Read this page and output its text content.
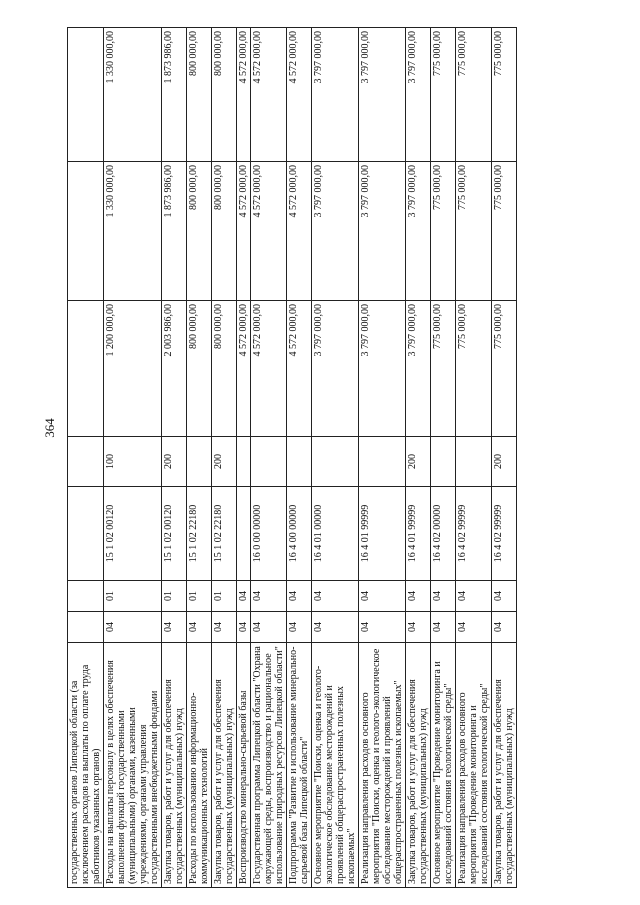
364
государственных органов Липецкой области (за исключением расходов на выплаты по оплате труда работников указанных органов)							
Расходы на выплаты персоналу в целях обеспечения выполнения функций государственными (муниципальными) органами, казенными учреждениями, органами управления государственными внебюджетными фондами	04	01	15 1 02 00120	100	1 200 000,00	1 330 000,00	1 330 000,00
Закупка товаров, работ и услуг для обеспечения государственных (муниципальных) нужд	04	01	15 1 02 00120	200	2 003 986,00	1 873 986,00	1 873 986,00
Расходы по использованию информационно-коммуникационных технологий	04	01	15 1 02 22180		800 000,00	800 000,00	800 000,00
Закупка товаров, работ и услуг для обеспечения государственных (муниципальных) нужд	04	01	15 1 02 22180	200	800 000,00	800 000,00	800 000,00
Воспроизводство минерально-сырьевой базы	04	04			4 572 000,00	4 572 000,00	4 572 000,00
Государственная программа Липецкой области "Охрана окружающей среды, воспроизводство и рациональное использование природных ресурсов Липецкой области"	04	04	16 0 00 00000		4 572 000,00	4 572 000,00	4 572 000,00
Подпрограмма "Развитие и использование минерально-сырьевой базы Липецкой области"	04	04	16 4 00 00000		4 572 000,00	4 572 000,00	4 572 000,00
Основное мероприятие "Поиски, оценка и геолого-экологическое обследование месторождений и проявлений общераспространенных полезных ископаемых"	04	04	16 4 01 00000		3 797 000,00	3 797 000,00	3 797 000,00
Реализация направления расходов основного мероприятия "Поиски, оценка и геолого-экологическое обследование месторождений и проявлений общераспространенных полезных ископаемых"	04	04	16 4 01 99999		3 797 000,00	3 797 000,00	3 797 000,00
Закупка товаров, работ и услуг для обеспечения государственных (муниципальных) нужд	04	04	16 4 01 99999	200	3 797 000,00	3 797 000,00	3 797 000,00
Основное мероприятие "Проведение мониторинга и исследований состояния геологической среды"	04	04	16 4 02 00000		775 000,00	775 000,00	775 000,00
Реализация направления расходов основного мероприятия "Проведение мониторинга и исследований состояния геологической среды"	04	04	16 4 02 99999		775 000,00	775 000,00	775 000,00
Закупка товаров, работ и услуг для обеспечения государственных (муниципальных) нужд	04	04	16 4 02 99999	200	775 000,00	775 000,00	775 000,00
